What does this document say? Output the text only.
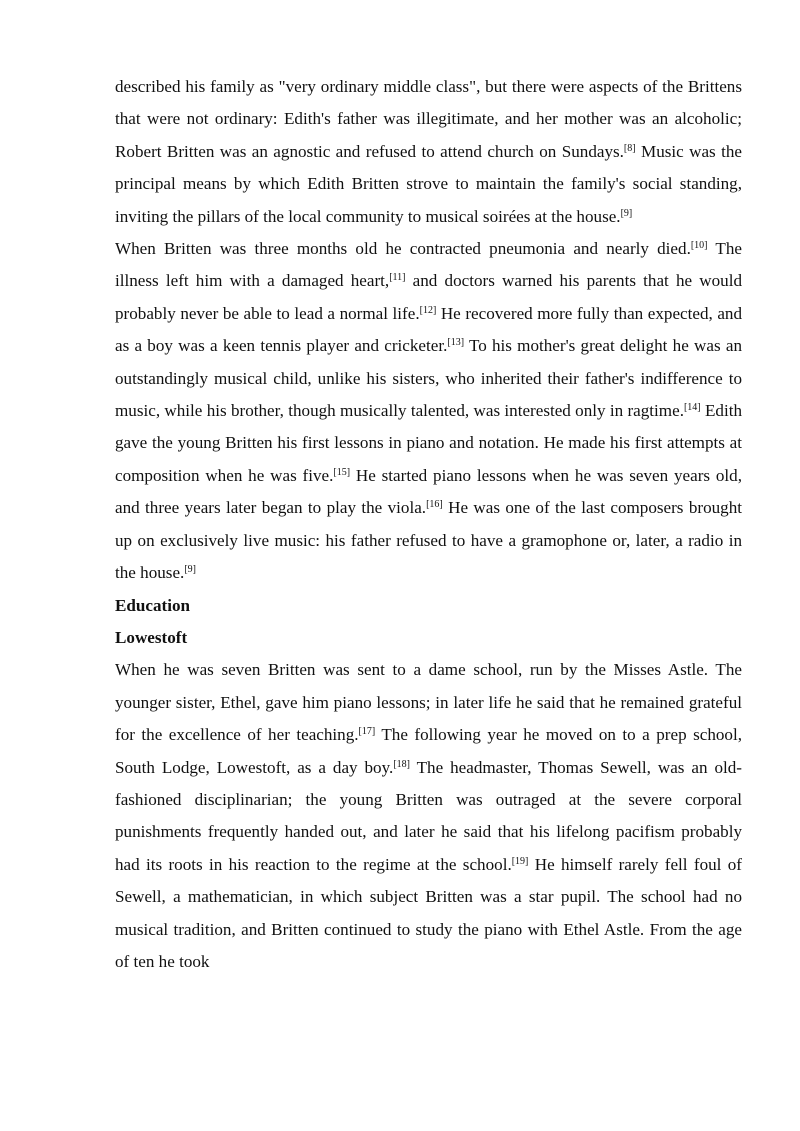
described his family as "very ordinary middle class", but there were aspects of the Brittens that were not ordinary: Edith's father was illegitimate, and her mother was an alcoholic; Robert Britten was an agnostic and refused to attend church on Sundays.[8] Music was the principal means by which Edith Britten strove to maintain the family's social standing, inviting the pillars of the local community to musical soirées at the house.[9]

When Britten was three months old he contracted pneumonia and nearly died.[10] The illness left him with a damaged heart,[11] and doctors warned his parents that he would probably never be able to lead a normal life.[12] He recovered more fully than expected, and as a boy was a keen tennis player and cricketer.[13] To his mother's great delight he was an outstandingly musical child, unlike his sisters, who inherited their father's indifference to music, while his brother, though musically talented, was interested only in ragtime.[14] Edith gave the young Britten his first lessons in piano and notation. He made his first attempts at composition when he was five.[15] He started piano lessons when he was seven years old, and three years later began to play the viola.[16] He was one of the last composers brought up on exclusively live music: his father refused to have a gramophone or, later, a radio in the house.[9]

Education
Lowestoft

When he was seven Britten was sent to a dame school, run by the Misses Astle. The younger sister, Ethel, gave him piano lessons; in later life he said that he remained grateful for the excellence of her teaching.[17] The following year he moved on to a prep school, South Lodge, Lowestoft, as a day boy.[18] The headmaster, Thomas Sewell, was an old-fashioned disciplinarian; the young Britten was outraged at the severe corporal punishments frequently handed out, and later he said that his lifelong pacifism probably had its roots in his reaction to the regime at the school.[19] He himself rarely fell foul of Sewell, a mathematician, in which subject Britten was a star pupil. The school had no musical tradition, and Britten continued to study the piano with Ethel Astle. From the age of ten he took
